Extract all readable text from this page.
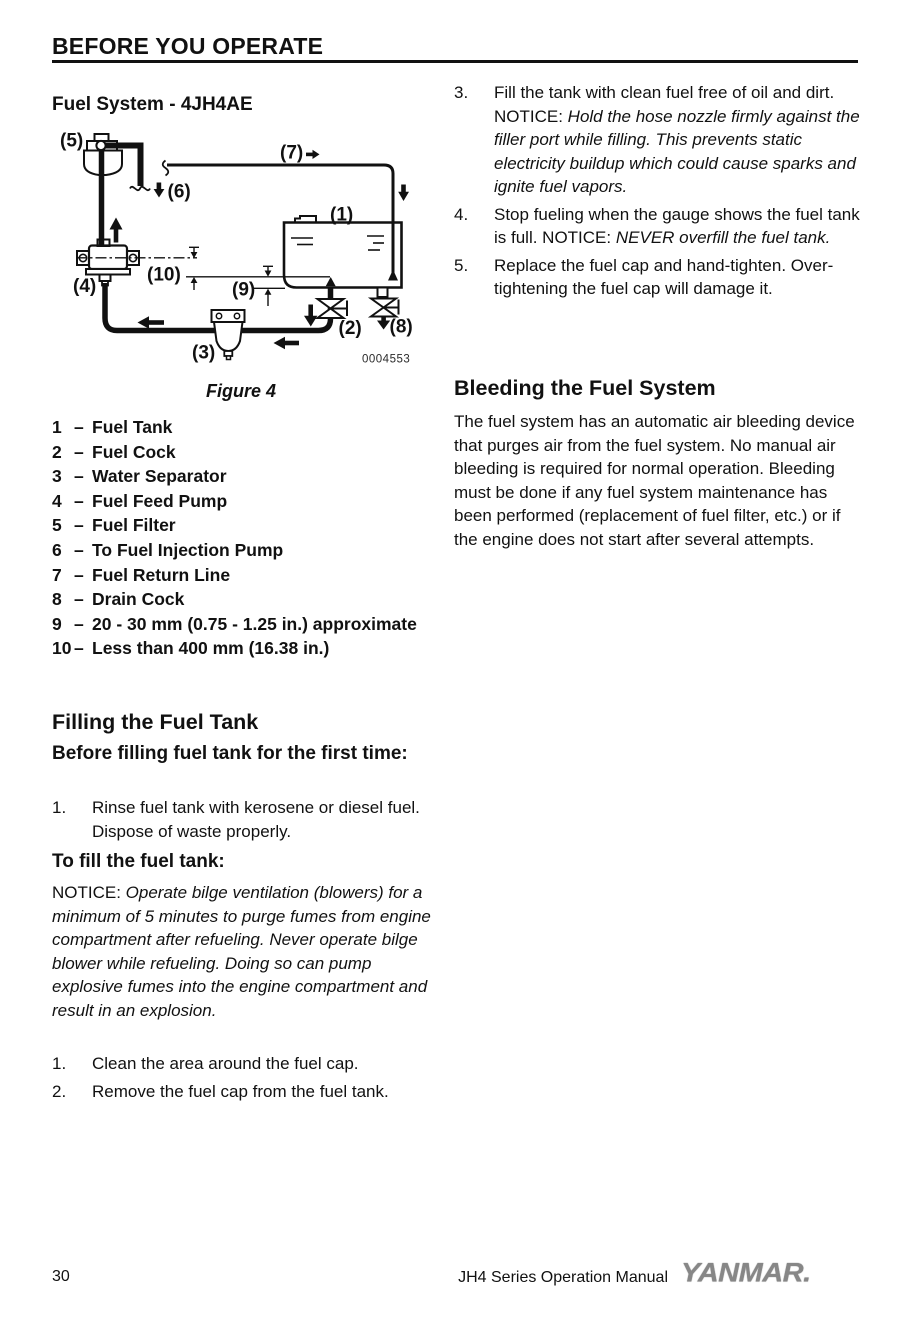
BEFORE YOU OPERATE
Fuel System - 4JH4AE
(5)
(6)
(7)
(1)
(4)
(10)
(9)
(3)
(2) (8)
0004553
Figure 4
1 – Fuel Tank
2 – Fuel Cock
3 – Water Separator
4 – Fuel Feed Pump
5 – Fuel Filter
6 – To Fuel Injection Pump
7 – Fuel Return Line
8 – Drain Cock
9 – 20 - 30 mm (0.75 - 1.25 in.) approximate
10 – Less than 400 mm (16.38 in.)
Filling the Fuel Tank
Before filling fuel tank for the first time:
1.	Rinse fuel tank with kerosene or diesel fuel. Dispose of waste properly.
To fill the fuel tank:
NOTICE: Operate bilge ventilation (blowers) for a minimum of 5 minutes to purge fumes from engine compartment after refueling. Never operate bilge blower while refueling. Doing so can pump explosive fumes into the engine compartment and result in an explosion.
1.	Clean the area around the fuel cap.
2.	Remove the fuel cap from the fuel tank.
3.	Fill the tank with clean fuel free of oil and dirt. NOTICE: Hold the hose nozzle firmly against the filler port while filling. This prevents static electricity buildup which could cause sparks and ignite fuel vapors.
4.	Stop fueling when the gauge shows the fuel tank is full. NOTICE: NEVER overfill the fuel tank.
5.	Replace the fuel cap and hand-tighten. Over-tightening the fuel cap will damage it.
Bleeding the Fuel System
The fuel system has an automatic air bleeding device that purges air from the fuel system. No manual air bleeding is required for normal operation. Bleeding must be done if any fuel system maintenance has been performed (replacement of fuel filter, etc.) or if the engine does not start after several attempts.
30	JH4 Series Operation Manual YANMAR.
